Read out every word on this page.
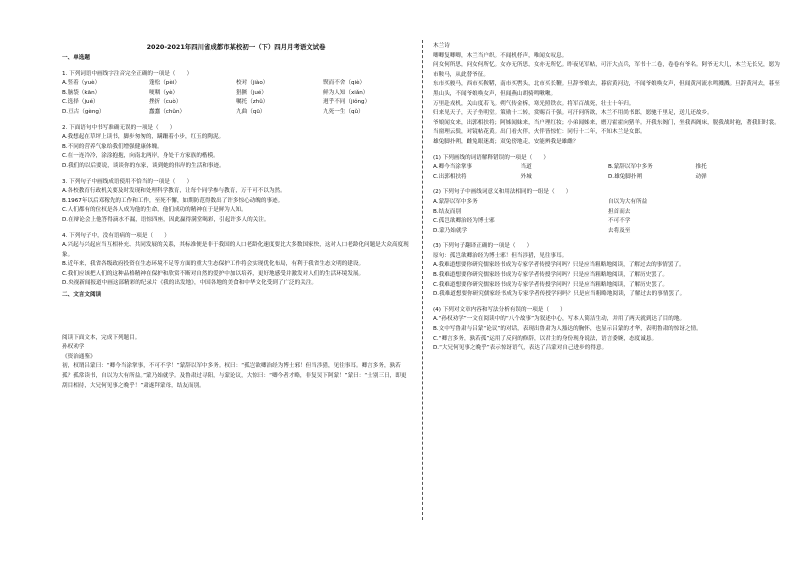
2020-2021年四川省成都市某校初一（下）四月月考语文试卷
一、单选题
1. 下列词语中画线字注音完全正确的一项是（　　）
A.竖着（yuè）	蓬松（pèi）	校对（jiào）	锲而不舍（qiè）
B.脑袋（kān）	哽咽（yè）	猖獗（jué）	鲜为人知（xiǎn）
C.选择（jué）	挫折（cuò）	嘱托（zhǔ）	迥乎不同（jiǒng）
D.亘古（gèng）	蠢蠢（chǔn）	九曲（qū）	九死一生（qǔ）
2. 下面语句中书写准确无误的一项是（　　）
A.我想起在草坪上读书，脚步匆匆的，蹒跚着小步，红玉的陶泥。
B.不同的营养气象给我们增强健康体魄。
C.在一连冷冷，涂涂抱抱，向南北两岸，身处千方家族的楷模。
D.我们的以后要说，谈谈你的东家，谈到她的伟岸的生活和事迹。
3. 下列句子中画线成语使用不恰当的一项是（　　）
A.各校教育行政机关要及时发现和处理科学教育，让每个同学参与教育，万千可不以为然。
B.1967年以后邓稼先的工作和工作，至死不懈，如期防范得数出了许多惊心动魄的事迹。
C.人们都有的位权是各人成为他的生命，他们成功的精神在于是鲜为人知。
D.在辩论会上他答得滴水不漏，语惊四座，因此赢得满堂喝彩，引起许多人的关注。
4. 下列句子中，没有语病的一项是（　　）
A.兴起与兴起应当互相补充、共同发展的关系，其标准便是非于我国的人口老龄化速度要比大多数国家快，这对人口老龄化问题是大众高度现象。
B.近年来，我省各级政府投资在生态环境不足等方面的重大生态保护工作将会实现优化布局，有利于我省生态文明的建设。
C.我们应该把人们的这种品格精神在保护和欣赏不断对自然的爱护中加以培养，更好地感受并激发对人们的生活环境发展。
D.央视新闻报道中画这部精彩的纪录片《我的出发地》，中国各地的美食和中华文化受到了广泛的关注。
二、文言文阅读
阅读下面文本，完成下列题目。
孙权劝学
《资治通鉴》
初，权谓吕蒙曰：“卿今当涂掌事，不可不学！”蒙辞以军中多务。权曰：“孤岂欲卿治经为博士邪！但当涉猎，见往事耳。卿言多务，孰若孤？孤常读书，自以为大有所益。”蒙乃始就学。及鲁肃过寻阳，与蒙论议，大惊曰：“卿今者才略，非复吴下阿蒙！”蒙曰：“士别三日，即更刮目相待，大兄何见事之晚乎！”肃遂拜蒙母，结友而别。
木兰诗
唧唧复唧唧，木兰当户织。不闻机杼声，唯闻女叹息。
问女何所思，问女何所忆。女亦无所思，女亦无所忆。昨夜见军帖，可汗大点兵，军书十二卷，卷卷有爷名。阿爷无大儿，木兰无长兄，愿为市鞍马，从此替爷征。
东市买骏马，西市买鞍鞯，南市买辔头，北市买长鞭。旦辞爷娘去，暮宿黄河边，不闻爷娘唤女声，但闻黄河流水鸣溅溅。旦辞黄河去，暮至黑山头，不闻爷娘唤女声，但闻燕山胡骑鸣啾啾。
万里赴戎机，关山度若飞。朔气传金柝，寒光照铁衣。将军百战死，壮士十年归。
归来见天子，天子坐明堂。策勋十二转，赏赐百千强。可汗问所欲，木兰不用尚书郎，愿驰千里足，送儿还故乡。
爷娘闻女来，出郭相扶将；阿姊闻妹来，当户理红妆；小弟闻姊来，磨刀霍霍向猪羊。开我东阁门，坐我西阁床，脱我战时袍，著我旧时裳。当窗理云鬓，对镜帖花黄。出门看火伴，火伴皆惊忙：同行十二年，不知木兰是女郎。
雄兔脚扑朔，雌兔眼迷离；双兔傍地走，安能辨我是雄雌？
(1) 下列画线的词语解释错误的一项是（　　）
A.卿今当涂掌事	当道	B.蒙辞以军中多务	推托
C.出郭相扶将	外城	D.雄兔脚扑朔	动弹
(2) 下列句子中画线词意义和用法相同的一组是（　　）
A.蒙辞以军中多务	自以为大有所益
B.结友而别	担首而去
C.孤岂欲卿治经为博士邪	不可不学
D.蒙乃始就学	去将及至
(3) 下列句子翻译正确的一项是（　　）
原句：孤岂欲卿治经为博士邪！但当涉猎，见往事耳。
A.我难道想要你研究儒家经书成为专家学者传授学问吗？只是应当粗略地阅读，了解过去的事情罢了。
B.我难道想要你研究儒家经书成为专家学者传授学问吗？只是应当粗略地阅读，了解历史罢了。
C.我难道想要你研究儒家经书成为专家学者传授学问吗？只是应当粗略地阅读，了解历史罢了。
D.我难道想要你研究儒家经书成为专家学者传授学问吗？只是应当粗略地阅读，了解过去的事情罢了。
(4) 下列对文章内容和写法分析有误的一项是（　　）
A.“孙权劝学”一文在阅读中的“八个故事”为叙述中心，写本人简洁生动，并用了两天就到达了目的地。
B.文中写鲁肃与吕蒙“论议”的对话，表现出鲁肃为人豁达的胸怀，也显示吕蒙的才华，表明鲁肃的惊讶之情。
C.“卿言多务，孰若孤”运用了反问的修辞，以君主的身份现身说法，语言委婉，态度诚恳。
D.“大兄何见事之晚乎”表示惊讶语气，表达了吕蒙对自己进步的得意。
